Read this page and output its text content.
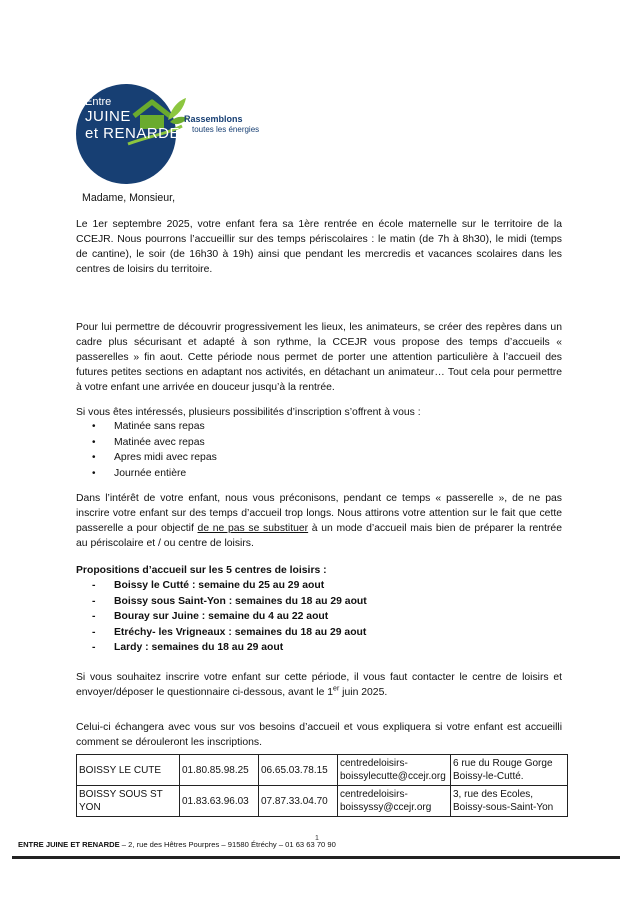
Entre
JUINE
et RENARDE
Rassemblons
toutes les énergies
Madame, Monsieur,
Le 1er septembre 2025, votre enfant fera sa 1ère rentrée en école maternelle sur le territoire de la CCEJR. Nous pourrons l’accueillir sur des temps périscolaires : le matin (de 7h à 8h30), le midi (temps de cantine), le soir (de 16h30 à 19h) ainsi que pendant les mercredis et vacances scolaires dans les centres de loisirs du territoire.
Pour lui permettre de découvrir progressivement les lieux, les animateurs, se créer des repères dans un cadre plus sécurisant et adapté à son rythme, la CCEJR vous propose des temps d’accueils « passerelles » fin aout. Cette période nous permet de porter une attention particulière à l’accueil des futures petites sections en adaptant nos activités, en détachant un animateur… Tout cela pour permettre à votre enfant une arrivée en douceur jusqu’à la rentrée.
Si vous êtes intéressés, plusieurs possibilités d’inscription s’offrent à vous :
• Matinée sans repas
• Matinée avec repas
• Apres midi avec repas
• Journée entière
Dans l’intérêt de votre enfant, nous vous préconisons, pendant ce temps « passerelle », de ne pas inscrire votre enfant sur des temps d’accueil trop longs. Nous attirons votre attention sur le fait que cette passerelle a pour objectif de ne pas se substituer à un mode d’accueil mais bien de préparer la rentrée au périscolaire et / ou centre de loisirs.
Propositions d’accueil sur les 5 centres de loisirs :
- Boissy le Cutté : semaine du 25 au 29 aout
- Boissy sous Saint-Yon : semaines du 18 au 29 aout
- Bouray sur Juine : semaine du 4 au 22 aout
- Etréchy- les Vrigneaux : semaines du 18 au 29 aout
- Lardy : semaines du 18 au 29 aout
Si vous souhaitez inscrire votre enfant sur cette période, il vous faut contacter le centre de loisirs et envoyer/déposer le questionnaire ci-dessous, avant le 1er juin 2025.
Celui-ci échangera avec vous sur vos besoins d’accueil et vous expliquera si votre enfant est accueilli comment se dérouleront les inscriptions.
BOISSY LE CUTE	01.80.85.98.25	06.65.03.78.15	centredeloisirs-boissylecutte@ccejr.org	6 rue du Rouge Gorge Boissy-le-Cutté.
BOISSY SOUS ST YON	01.83.63.96.03	07.87.33.04.70	centredeloisirs-boissyssy@ccejr.org	3, rue des Ecoles, Boissy-sous-Saint-Yon
ENTRE JUINE ET RENARDE – 2, rue des Hêtres Pourpres – 91580 Étréchy – 01 63 63 70 90
1
